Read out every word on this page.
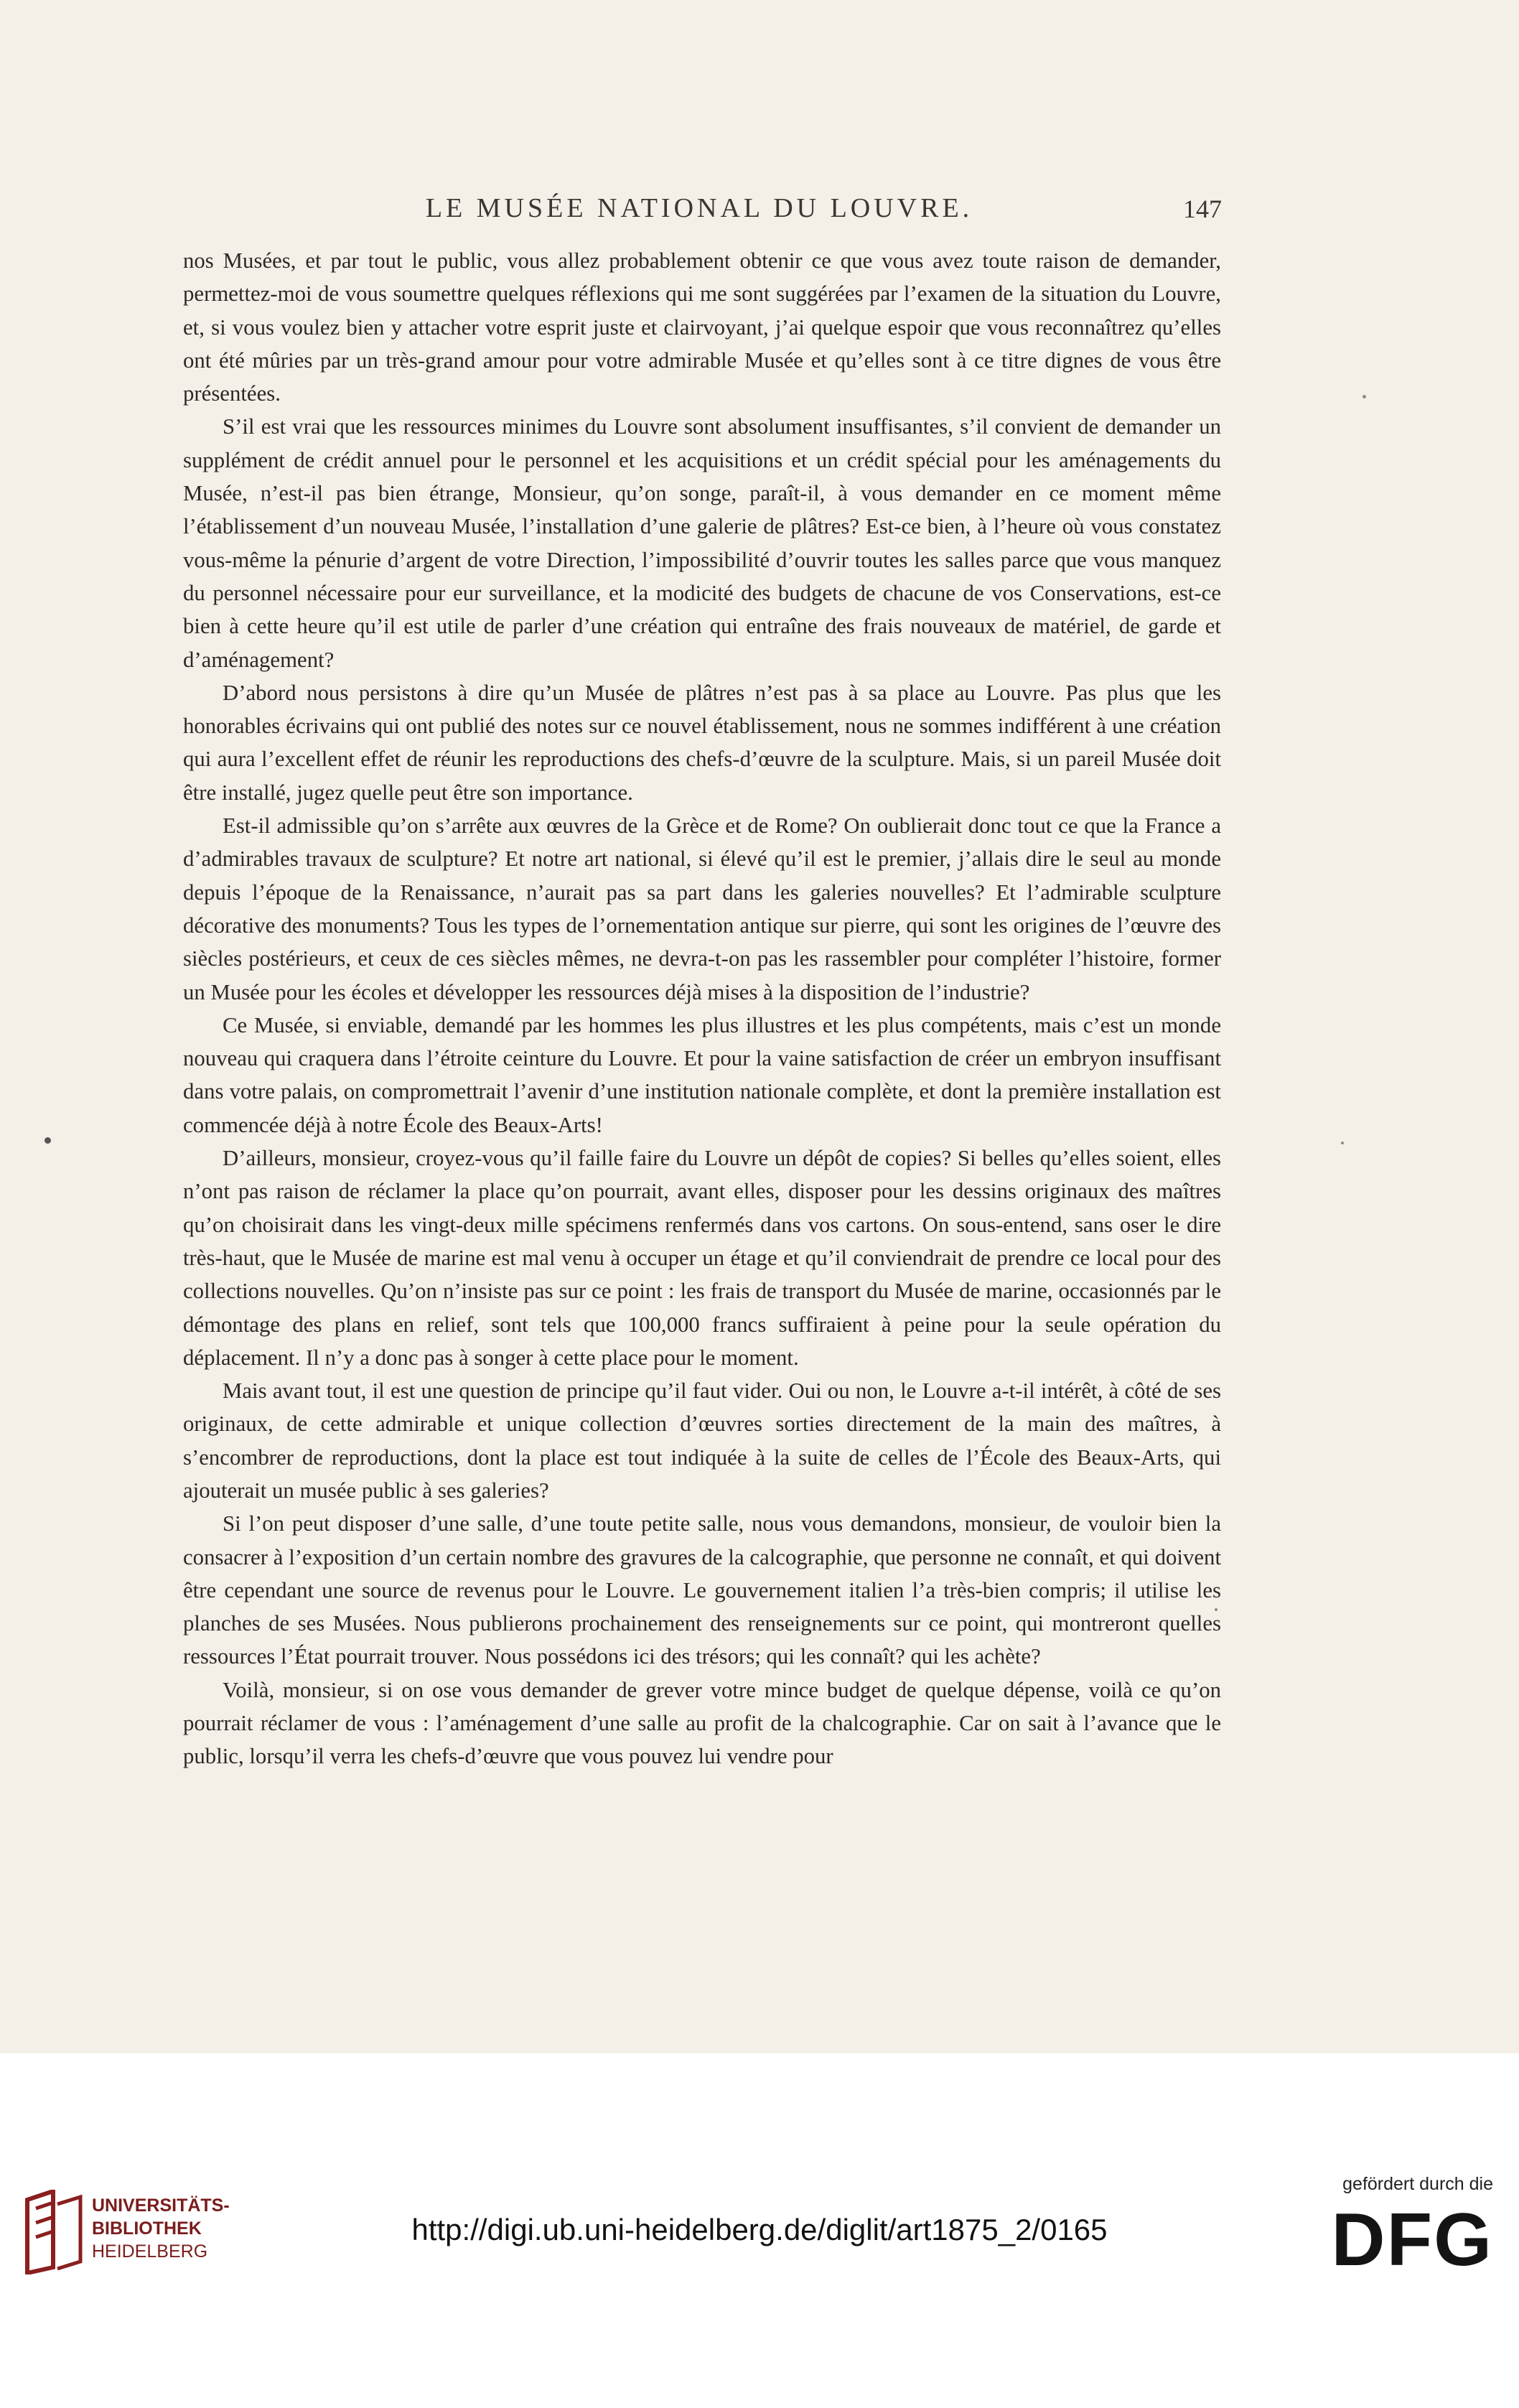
LE MUSÉE NATIONAL DU LOUVRE.	147

nos Musées, et par tout le public, vous allez probablement obtenir ce que vous avez toute raison de demander, permettez-moi de vous soumettre quelques réflexions qui me sont suggérées par l’examen de la situation du Louvre, et, si vous voulez bien y attacher votre esprit juste et clairvoyant, j’ai quelque espoir que vous reconnaîtrez qu’elles ont été mûries par un très-grand amour pour votre admirable Musée et qu’elles sont à ce titre dignes de vous être présentées.

S’il est vrai que les ressources minimes du Louvre sont absolument insuffisantes, s’il convient de demander un supplément de crédit annuel pour le personnel et les acquisitions et un crédit spécial pour les aménagements du Musée, n’est-il pas bien étrange, Monsieur, qu’on songe, paraît-il, à vous demander en ce moment même l’établissement d’un nouveau Musée, l’installation d’une galerie de plâtres? Est-ce bien, à l’heure où vous constatez vous-même la pénurie d’argent de votre Direction, l’impossibilité d’ouvrir toutes les salles parce que vous manquez du personnel nécessaire pour eur surveillance, et la modicité des budgets de chacune de vos Conservations, est-ce bien à cette heure qu’il est utile de parler d’une création qui entraîne des frais nouveaux de matériel, de garde et d’aménagement?

D’abord nous persistons à dire qu’un Musée de plâtres n’est pas à sa place au Louvre. Pas plus que les honorables écrivains qui ont publié des notes sur ce nouvel établissement, nous ne sommes indifférent à une création qui aura l’excellent effet de réunir les reproductions des chefs-d’œuvre de la sculpture. Mais, si un pareil Musée doit être installé, jugez quelle peut être son importance.

Est-il admissible qu’on s’arrête aux œuvres de la Grèce et de Rome? On oublierait donc tout ce que la France a d’admirables travaux de sculpture? Et notre art national, si élevé qu’il est le premier, j’allais dire le seul au monde depuis l’époque de la Renaissance, n’aurait pas sa part dans les galeries nouvelles? Et l’admirable sculpture décorative des monuments? Tous les types de l’ornementation antique sur pierre, qui sont les origines de l’œuvre des siècles postérieurs, et ceux de ces siècles mêmes, ne devra-t-on pas les rassembler pour compléter l’histoire, former un Musée pour les écoles et développer les ressources déjà mises à la disposition de l’industrie?

Ce Musée, si enviable, demandé par les hommes les plus illustres et les plus compétents, mais c’est un monde nouveau qui craquera dans l’étroite ceinture du Louvre. Et pour la vaine satisfaction de créer un embryon insuffisant dans votre palais, on compromettrait l’avenir d’une institution nationale complète, et dont la première installation est commencée déjà à notre École des Beaux-Arts!

D’ailleurs, monsieur, croyez-vous qu’il faille faire du Louvre un dépôt de copies? Si belles qu’elles soient, elles n’ont pas raison de réclamer la place qu’on pourrait, avant elles, disposer pour les dessins originaux des maîtres qu’on choisirait dans les vingt-deux mille spécimens renfermés dans vos cartons. On sous-entend, sans oser le dire très-haut, que le Musée de marine est mal venu à occuper un étage et qu’il conviendrait de prendre ce local pour des collections nouvelles. Qu’on n’insiste pas sur ce point : les frais de transport du Musée de marine, occasionnés par le démontage des plans en relief, sont tels que 100,000 francs suffiraient à peine pour la seule opération du déplacement. Il n’y a donc pas à songer à cette place pour le moment.

Mais avant tout, il est une question de principe qu’il faut vider. Oui ou non, le Louvre a-t-il intérêt, à côté de ses originaux, de cette admirable et unique collection d’œuvres sorties directement de la main des maîtres, à s’encombrer de reproductions, dont la place est tout indiquée à la suite de celles de l’École des Beaux-Arts, qui ajouterait un musée public à ses galeries?

Si l’on peut disposer d’une salle, d’une toute petite salle, nous vous demandons, monsieur, de vouloir bien la consacrer à l’exposition d’un certain nombre des gravures de la calcographie, que personne ne connaît, et qui doivent être cependant une source de revenus pour le Louvre. Le gouvernement italien l’a très-bien compris; il utilise les planches de ses Musées. Nous publierons prochainement des renseignements sur ce point, qui montreront quelles ressources l’État pourrait trouver. Nous possédons ici des trésors; qui les connaît? qui les achète?

Voilà, monsieur, si on ose vous demander de grever votre mince budget de quelque dépense, voilà ce qu’on pourrait réclamer de vous : l’aménagement d’une salle au profit de la chalcographie. Car on sait à l’avance que le public, lorsqu’il verra les chefs-d’œuvre que vous pouvez lui vendre pour

UNIVERSITÄTS-
BIBLIOTHEK
HEIDELBERG
http://digi.ub.uni-heidelberg.de/diglit/art1875_2/0165
gefördert durch die
DFG
